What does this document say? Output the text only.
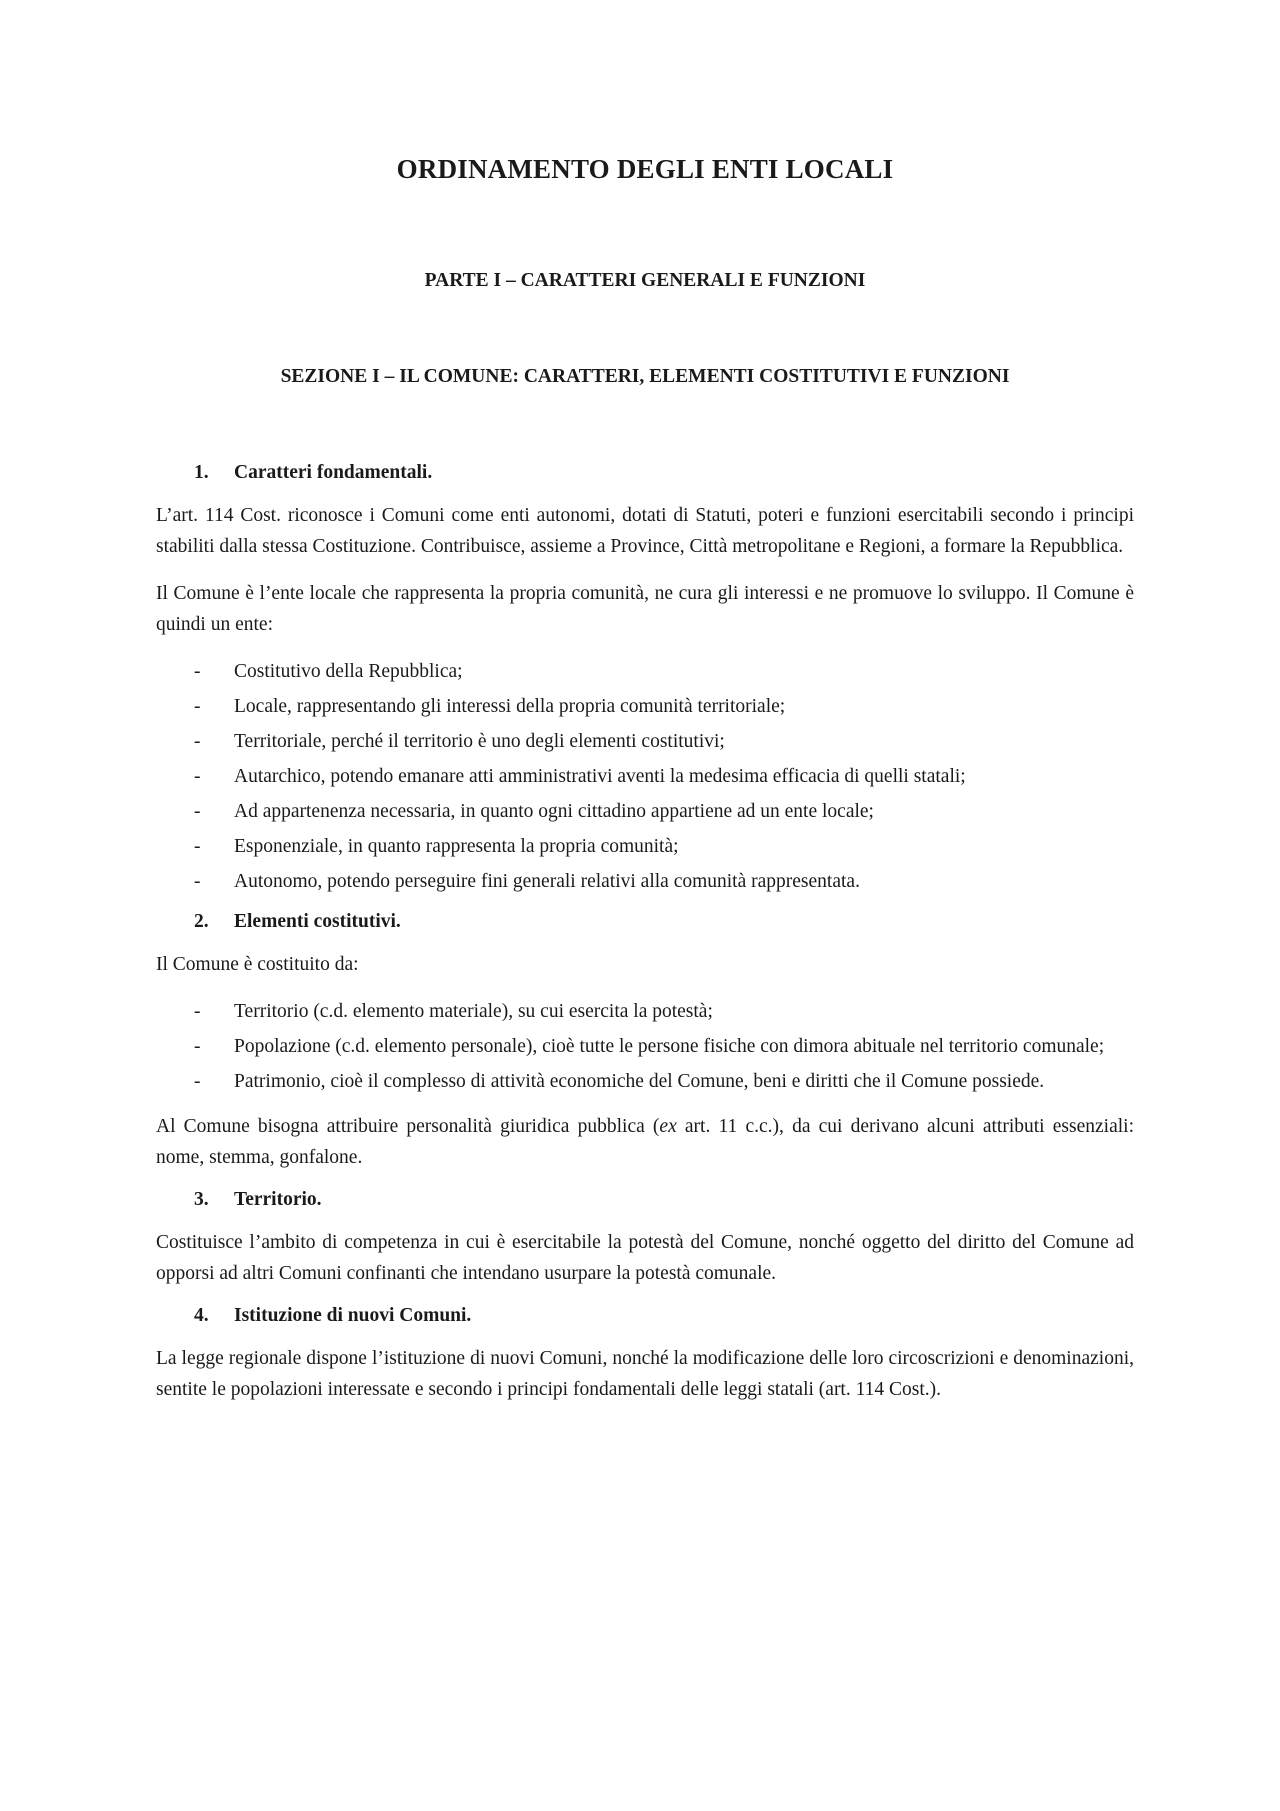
ORDINAMENTO DEGLI ENTI LOCALI
PARTE I – CARATTERI GENERALI E FUNZIONI
SEZIONE I – IL COMUNE: CARATTERI, ELEMENTI COSTITUTIVI E FUNZIONI
1.	Caratteri fondamentali.

L’art. 114 Cost. riconosce i Comuni come enti autonomi, dotati di Statuti, poteri e funzioni esercitabili secondo i principi stabiliti dalla stessa Costituzione. Contribuisce, assieme a Province, Città metropolitane e Regioni, a formare la Repubblica.

Il Comune è l’ente locale che rappresenta la propria comunità, ne cura gli interessi e ne promuove lo sviluppo. Il Comune è quindi un ente:

- Costitutivo della Repubblica;
- Locale, rappresentando gli interessi della propria comunità territoriale;
- Territoriale, perché il territorio è uno degli elementi costitutivi;
- Autarchico, potendo emanare atti amministrativi aventi la medesima efficacia di quelli statali;
- Ad appartenenza necessaria, in quanto ogni cittadino appartiene ad un ente locale;
- Esponenziale, in quanto rappresenta la propria comunità;
- Autonomo, potendo perseguire fini generali relativi alla comunità rappresentata.
2.	Elementi costitutivi.

Il Comune è costituito da:

- Territorio (c.d. elemento materiale), su cui esercita la potestà;
- Popolazione (c.d. elemento personale), cioè tutte le persone fisiche con dimora abituale nel territorio comunale;
- Patrimonio, cioè il complesso di attività economiche del Comune, beni e diritti che il Comune possiede.

Al Comune bisogna attribuire personalità giuridica pubblica (ex art. 11 c.c.), da cui derivano alcuni attributi essenziali: nome, stemma, gonfalone.

3.	Territorio.

Costituisce l’ambito di competenza in cui è esercitabile la potestà del Comune, nonché oggetto del diritto del Comune ad opporsi ad altri Comuni confinanti che intendano usurpare la potestà comunale.

4.	Istituzione di nuovi Comuni.

La legge regionale dispone l’istituzione di nuovi Comuni, nonché la modificazione delle loro circoscrizioni e denominazioni, sentite le popolazioni interessate e secondo i principi fondamentali delle leggi statali (art. 114 Cost.).
